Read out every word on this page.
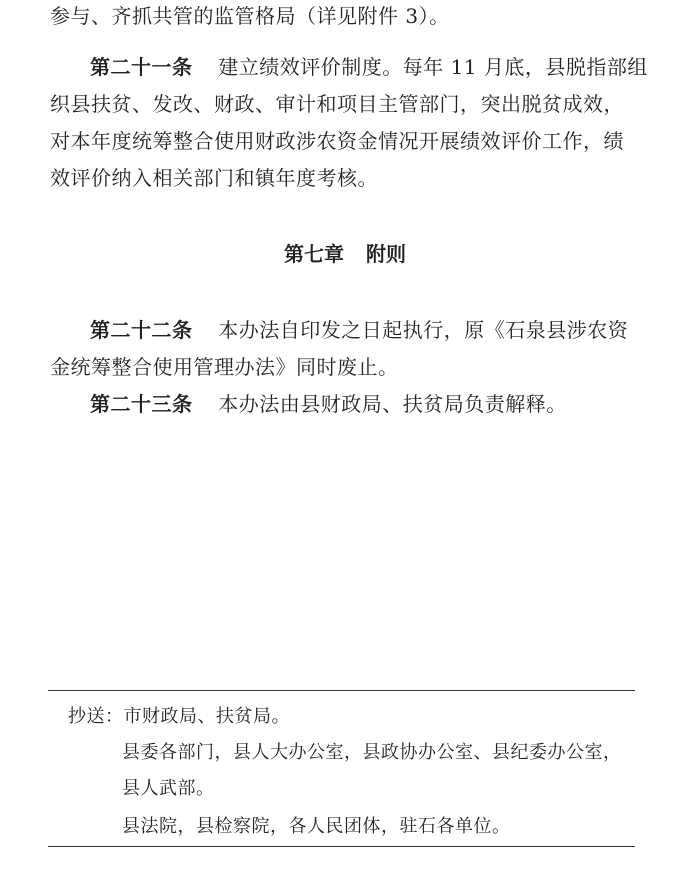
参与、齐抓共管的监管格局（详见附件 3）。
第二十一条 建立绩效评价制度。每年 11 月底，县脱指部组
织县扶贫、发改、财政、审计和项目主管部门，突出脱贫成效，
对本年度统筹整合使用财政涉农资金情况开展绩效评价工作，绩
效评价纳入相关部门和镇年度考核。
第七章 附则
第二十二条 本办法自印发之日起执行，原《石泉县涉农资
金统筹整合使用管理办法》同时废止。
第二十三条 本办法由县财政局、扶贫局负责解释。
抄送：市财政局、扶贫局。
县委各部门，县人大办公室，县政协办公室、县纪委办公室，
县人武部。
县法院，县检察院，各人民团体，驻石各单位。
